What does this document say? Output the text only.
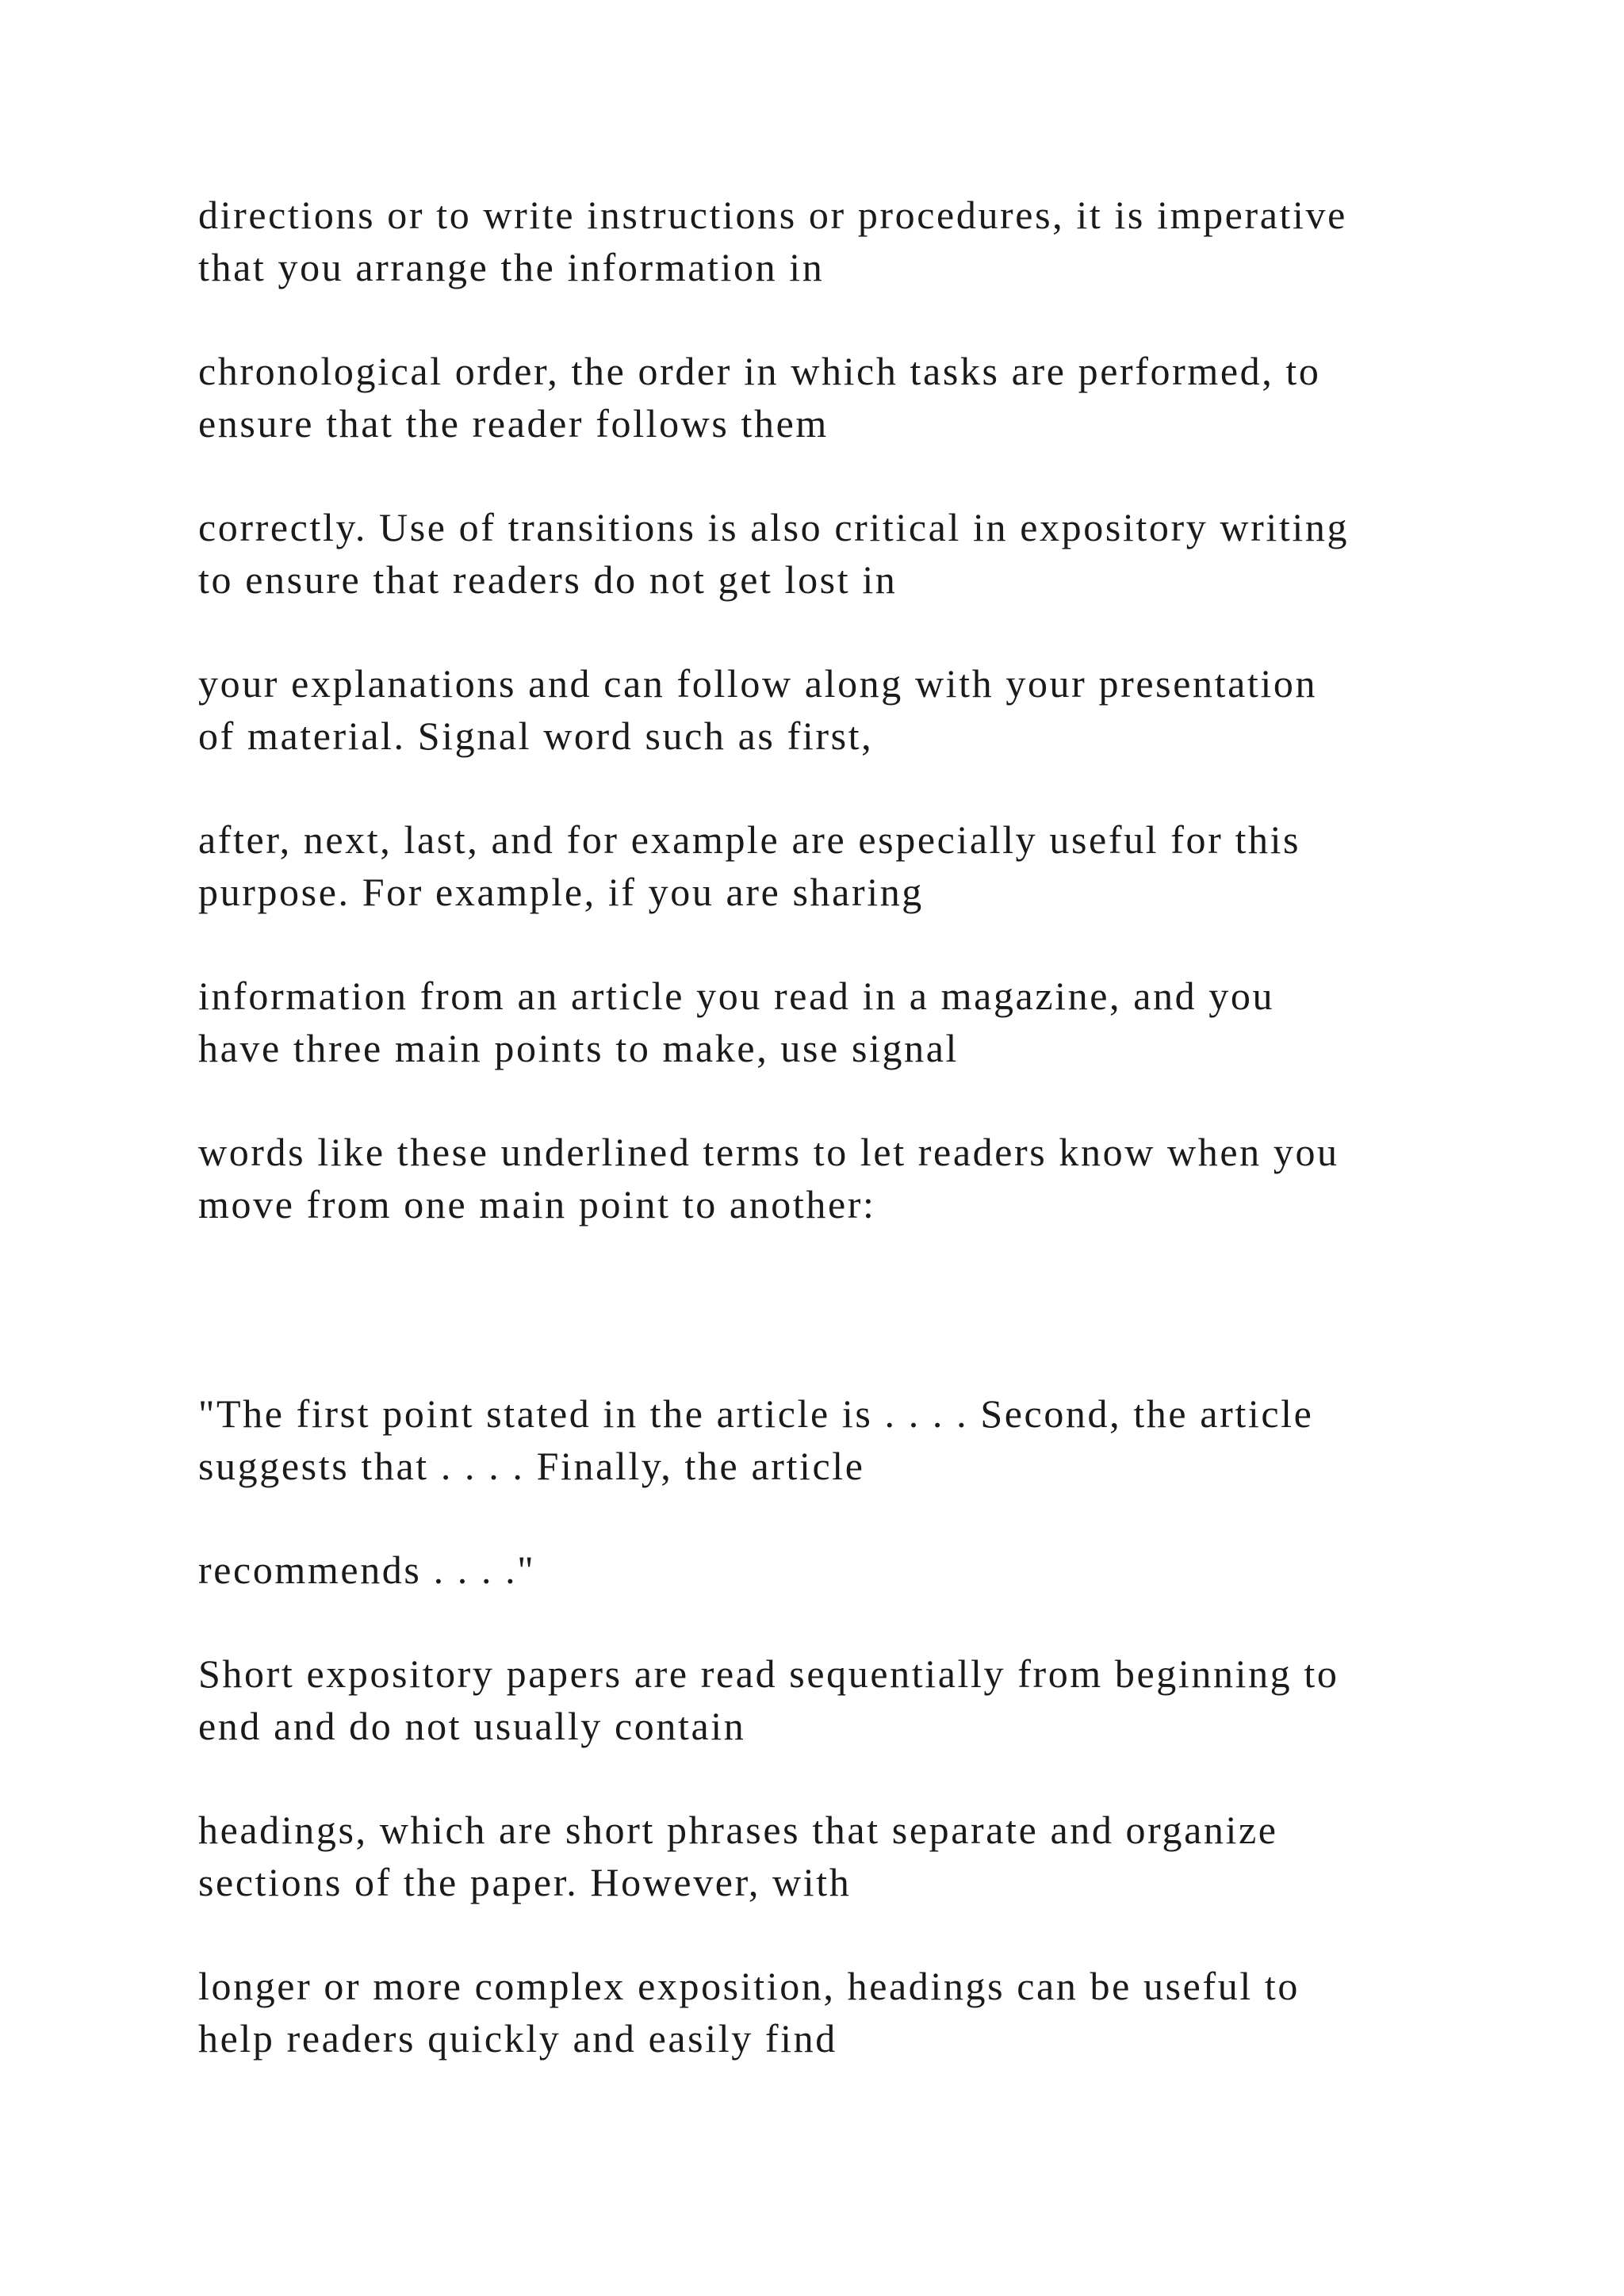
directions or to write instructions or procedures, it is imperative
that you arrange the information in

chronological order, the order in which tasks are performed, to
ensure that the reader follows them

correctly. Use of transitions is also critical in expository writing
to ensure that readers do not get lost in

your explanations and can follow along with your presentation
of material. Signal word such as first,

after, next, last, and for example are especially useful for this
purpose. For example, if you are sharing

information from an article you read in a magazine, and you
have three main points to make, use signal

words like these underlined terms to let readers know when you
move from one main point to another:

"The first point stated in the article is . . . . Second, the article
suggests that . . . . Finally, the article

recommends . . . ."

Short expository papers are read sequentially from beginning to
end and do not usually contain

headings, which are short phrases that separate and organize
sections of the paper. However, with

longer or more complex exposition, headings can be useful to
help readers quickly and easily find
